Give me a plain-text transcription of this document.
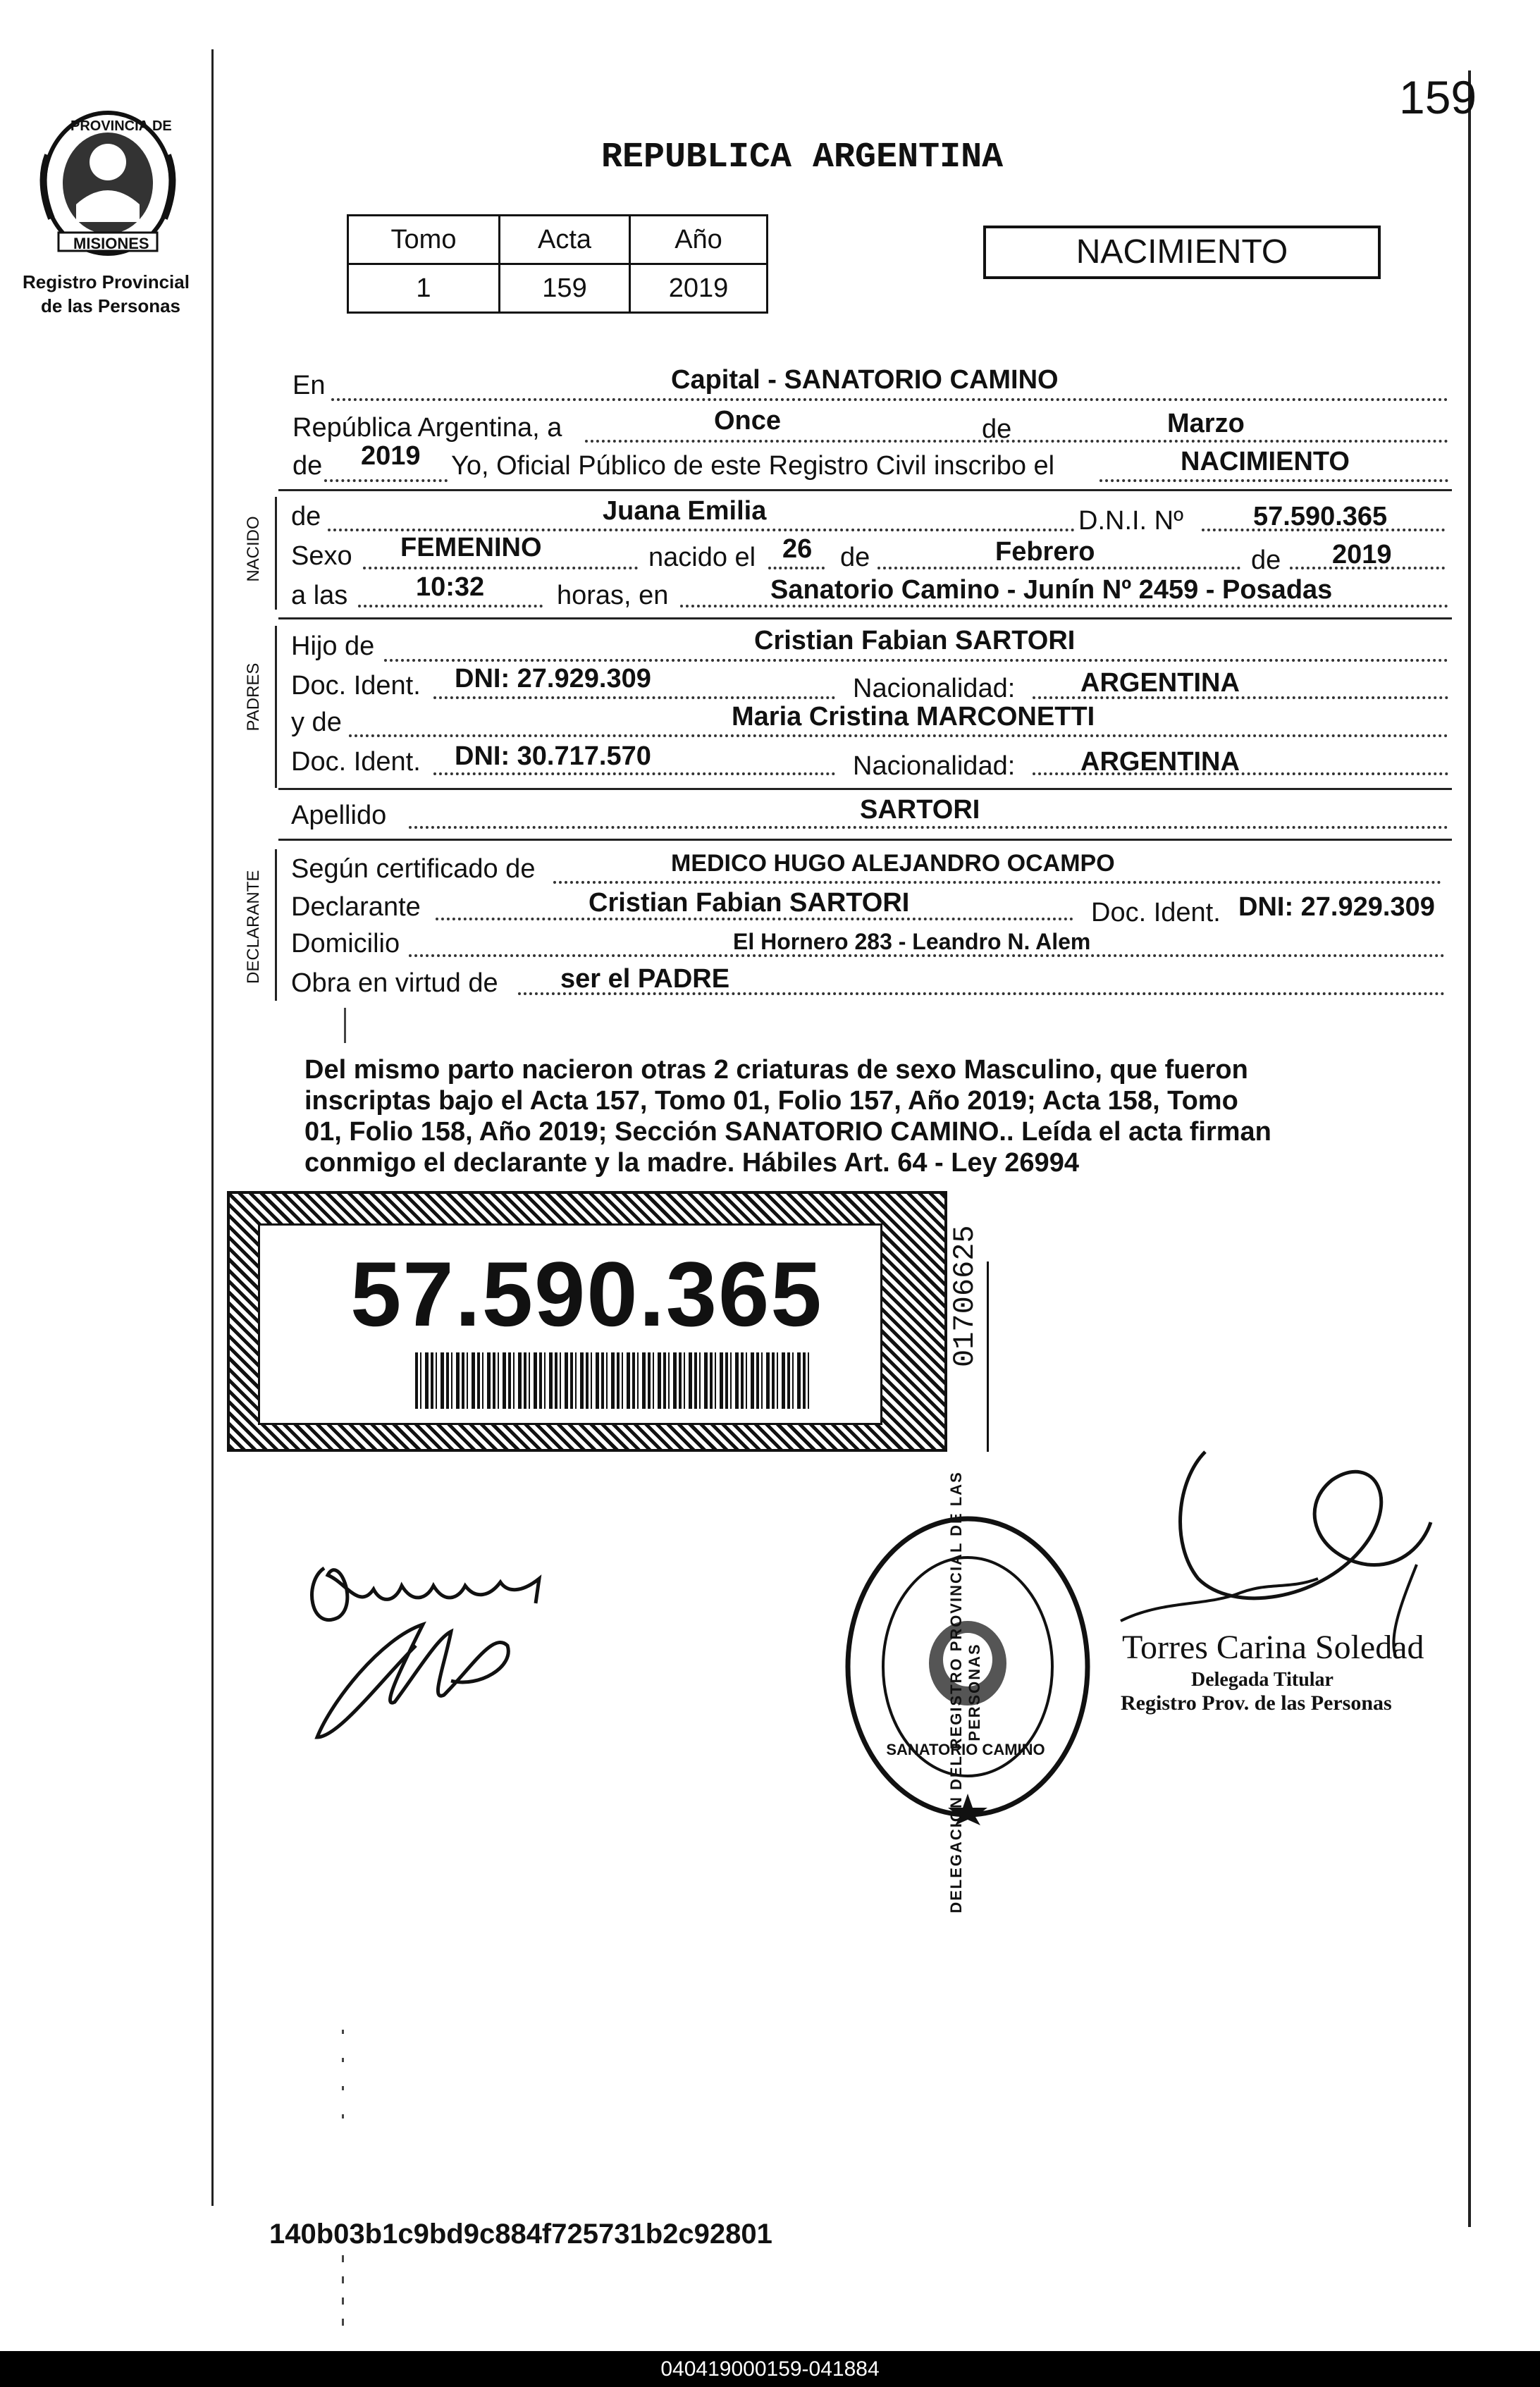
159
PROVINCIA DE
MISIONES
Registro Provincial
de las Personas
REPUBLICA ARGENTINA
Tomo	Acta	Año
1	159	2019
NACIMIENTO
En	Capital - SANATORIO CAMINO
República Argentina, a	Once	de	Marzo
de 2019 Yo, Oficial Público de este Registro Civil inscribo el	NACIMIENTO
NACIDO de	Juana Emilia	D.N.I. Nº	57.590.365
Sexo FEMENINO	nacido el 26 de	Febrero	de 2019
a las	10:32	horas, en	Sanatorio Camino - Junín Nº 2459 - Posadas
PADRES
Hijo de	Cristian Fabian SARTORI
Doc. Ident. DNI: 27.929.309	Nacionalidad: ARGENTINA
y de	Maria Cristina MARCONETTI
Doc. Ident. DNI: 30.717.570	Nacionalidad: ARGENTINA
Apellido	SARTORI
DECLARANTE
Según certificado de	MEDICO HUGO ALEJANDRO OCAMPO
Declarante	Cristian Fabian SARTORI	Doc. Ident. DNI: 27.929.309
Domicilio	El Hornero 283 - Leandro N. Alem
Obra en virtud de ser el PADRE
Del mismo parto nacieron otras 2 criaturas de sexo Masculino, que fueron
inscriptas bajo el Acta 157, Tomo 01, Folio 157, Año 2019; Acta 158, Tomo
01, Folio 158, Año 2019; Sección SANATORIO CAMINO.. Leída el acta firman
conmigo el declarante y la madre. Hábiles Art. 64 - Ley 26994
57.590.365	01706625
DELEGACION DEL REGISTRO PROVINCIAL DE LAS PERSONAS
SANATORIO CAMINO
Torres Carina Soledad
Delegada Titular
Registro Prov. de las Personas
140b03b1c9bd9c884f725731b2c92801
040419000159-041884
